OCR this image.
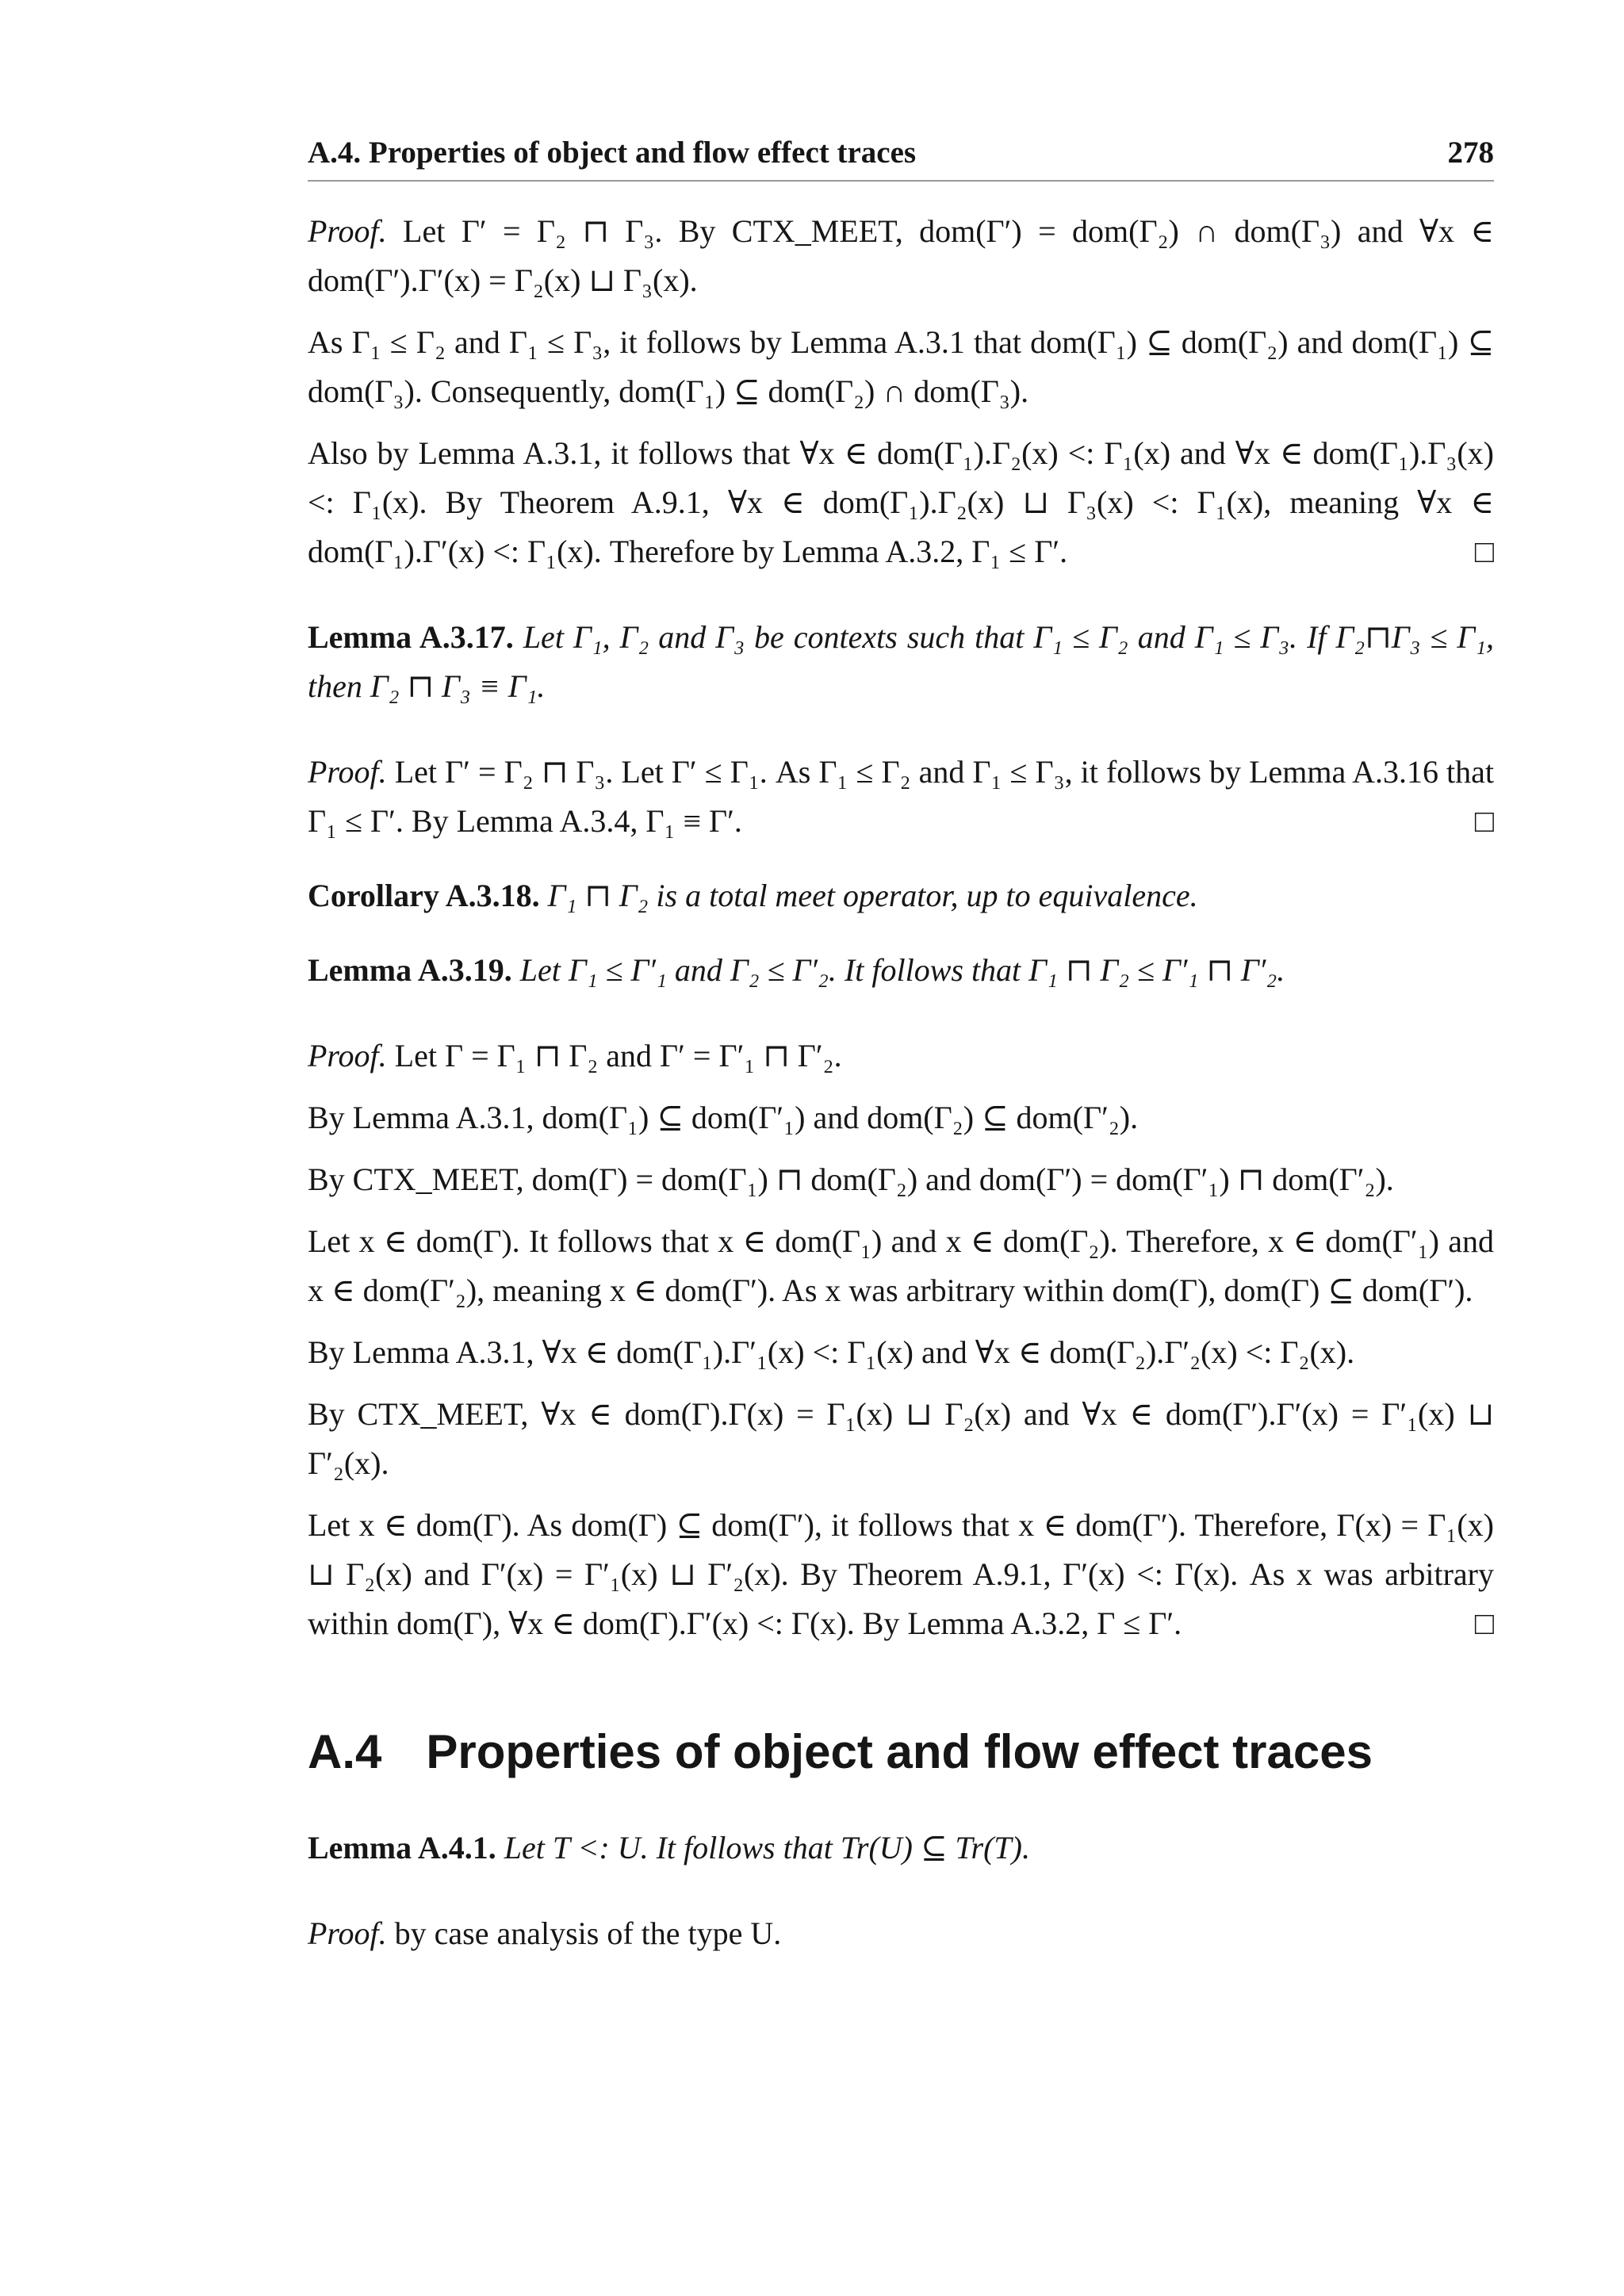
A.4. Properties of object and flow effect traces	278

Proof. Let Γ′ = Γ₂ ⊓ Γ₃. By CTX_MEET, dom(Γ′) = dom(Γ₂) ∩ dom(Γ₃) and ∀x ∈ dom(Γ′).Γ′(x) = Γ₂(x) ⊔ Γ₃(x).

As Γ₁ ≤ Γ₂ and Γ₁ ≤ Γ₃, it follows by Lemma A.3.1 that dom(Γ₁) ⊆ dom(Γ₂) and dom(Γ₁) ⊆ dom(Γ₃). Consequently, dom(Γ₁) ⊆ dom(Γ₂) ∩ dom(Γ₃).

Also by Lemma A.3.1, it follows that ∀x ∈ dom(Γ₁).Γ₂(x) <: Γ₁(x) and ∀x ∈ dom(Γ₁).Γ₃(x) <: Γ₁(x). By Theorem A.9.1, ∀x ∈ dom(Γ₁).Γ₂(x) ⊔ Γ₃(x) <: Γ₁(x), meaning ∀x ∈ dom(Γ₁).Γ′(x) <: Γ₁(x). Therefore by Lemma A.3.2, Γ₁ ≤ Γ′.	□

Lemma A.3.17. Let Γ₁, Γ₂ and Γ₃ be contexts such that Γ₁ ≤ Γ₂ and Γ₁ ≤ Γ₃. If Γ₂⊓Γ₃ ≤ Γ₁, then Γ₂ ⊓ Γ₃ ≡ Γ₁.

Proof. Let Γ′ = Γ₂ ⊓ Γ₃. Let Γ′ ≤ Γ₁. As Γ₁ ≤ Γ₂ and Γ₁ ≤ Γ₃, it follows by Lemma A.3.16 that Γ₁ ≤ Γ′. By Lemma A.3.4, Γ₁ ≡ Γ′.	□

Corollary A.3.18. Γ₁ ⊓ Γ₂ is a total meet operator, up to equivalence.

Lemma A.3.19. Let Γ₁ ≤ Γ′₁ and Γ₂ ≤ Γ′₂. It follows that Γ₁ ⊓ Γ₂ ≤ Γ′₁ ⊓ Γ′₂.

Proof. Let Γ = Γ₁ ⊓ Γ₂ and Γ′ = Γ′₁ ⊓ Γ′₂.

By Lemma A.3.1, dom(Γ₁) ⊆ dom(Γ′₁) and dom(Γ₂) ⊆ dom(Γ′₂).

By CTX_MEET, dom(Γ) = dom(Γ₁) ⊓ dom(Γ₂) and dom(Γ′) = dom(Γ′₁) ⊓ dom(Γ′₂).

Let x ∈ dom(Γ). It follows that x ∈ dom(Γ₁) and x ∈ dom(Γ₂). Therefore, x ∈ dom(Γ′₁) and x ∈ dom(Γ′₂), meaning x ∈ dom(Γ′). As x was arbitrary within dom(Γ), dom(Γ) ⊆ dom(Γ′).

By Lemma A.3.1, ∀x ∈ dom(Γ₁).Γ′₁(x) <: Γ₁(x) and ∀x ∈ dom(Γ₂).Γ′₂(x) <: Γ₂(x).

By CTX_MEET, ∀x ∈ dom(Γ).Γ(x) = Γ₁(x) ⊔ Γ₂(x) and ∀x ∈ dom(Γ′).Γ′(x) = Γ′₁(x) ⊔ Γ′₂(x).

Let x ∈ dom(Γ). As dom(Γ) ⊆ dom(Γ′), it follows that x ∈ dom(Γ′). Therefore, Γ(x) = Γ₁(x) ⊔ Γ₂(x) and Γ′(x) = Γ′₁(x) ⊔ Γ′₂(x). By Theorem A.9.1, Γ′(x) <: Γ(x). As x was arbitrary within dom(Γ), ∀x ∈ dom(Γ).Γ′(x) <: Γ(x). By Lemma A.3.2, Γ ≤ Γ′.	□

A.4 Properties of object and flow effect traces

Lemma A.4.1. Let T <: U. It follows that Tr(U) ⊆ Tr(T).

Proof. by case analysis of the type U.
